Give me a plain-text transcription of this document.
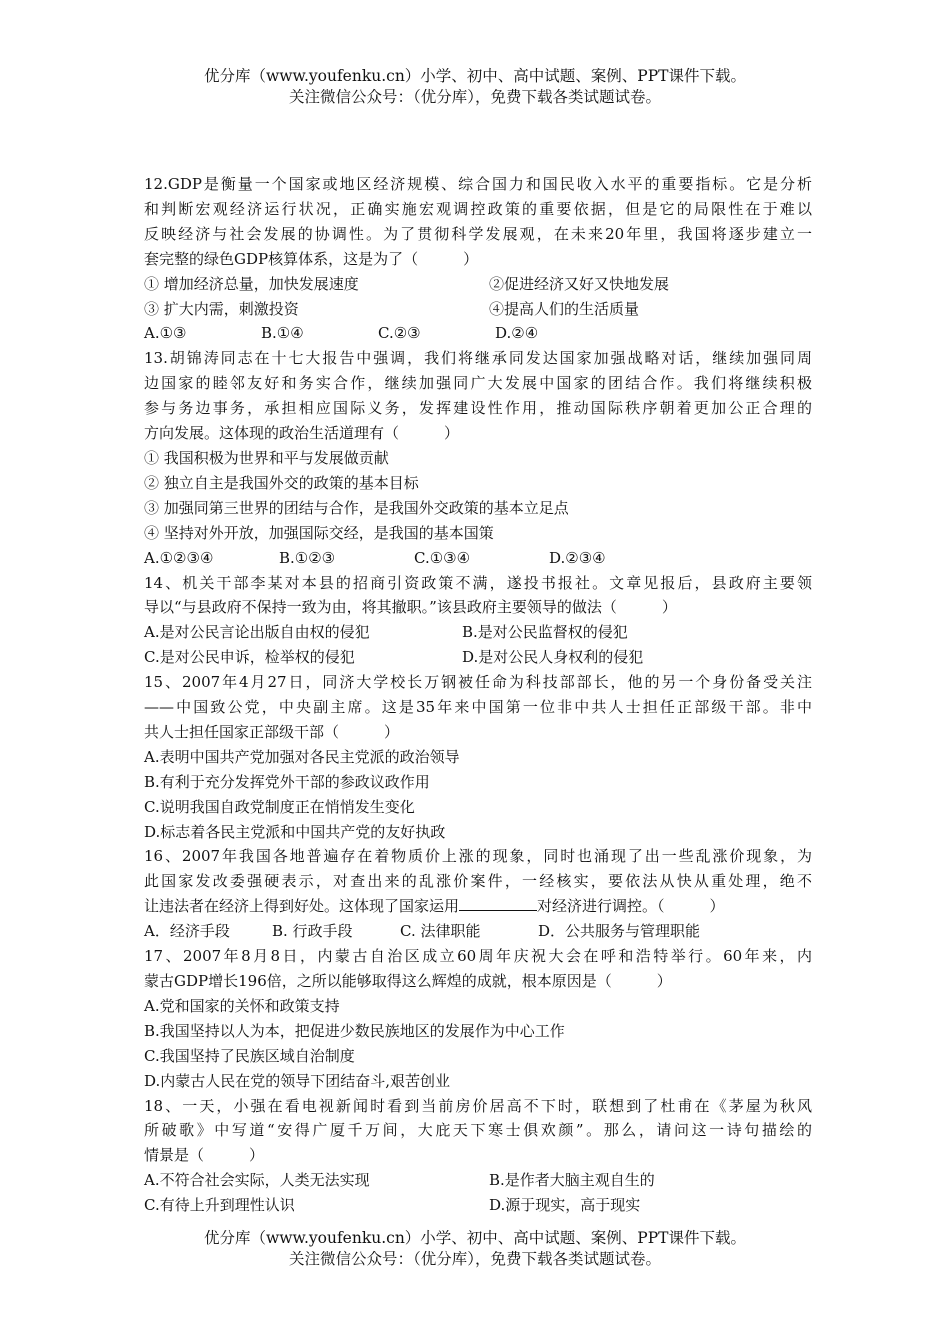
优分库（www.youfenku.cn）小学、初中、高中试题、案例、PPT课件下载。
关注微信公众号：（优分库），免费下载各类试题试卷。
12.GDP是衡量一个国家或地区经济规模、综合国力和国民收入水平的重要指标。它是分析
和判断宏观经济运行状况，正确实施宏观调控政策的重要依据，但是它的局限性在于难以
反映经济与社会发展的协调性。为了贯彻科学发展观，在未来20年里，我国将逐步建立一
套完整的绿色GDP核算体系，这是为了（　　　）
① 增加经济总量，加快发展速度	②促进经济又好又快地发展
③ 扩大内需，刺激投资	④提高人们的生活质量
A.①③	B.①④	C.②③	D.②④
13.胡锦涛同志在十七大报告中强调，我们将继承同发达国家加强战略对话，继续加强同周
边国家的睦邻友好和务实合作，继续加强同广大发展中国家的团结合作。我们将继续积极
参与务边事务，承担相应国际义务，发挥建设性作用，推动国际秩序朝着更加公正合理的
方向发展。这体现的政治生活道理有（　　　）
① 我国积极为世界和平与发展做贡献
② 独立自主是我国外交的政策的基本目标
③ 加强同第三世界的团结与合作，是我国外交政策的基本立足点
④ 坚持对外开放，加强国际交经，是我国的基本国策
A.①②③④	B.①②③	C.①③④	D.②③④
14、机关干部李某对本县的招商引资政策不满，遂投书报社。文章见报后，县政府主要领
导以“与县政府不保持一致为由，将其撤职。”该县政府主要领导的做法（　　　）
A.是对公民言论出版自由权的侵犯	B.是对公民监督权的侵犯
C.是对公民申诉，检举权的侵犯	D.是对公民人身权利的侵犯
15、2007年4月27日，同济大学校长万钢被任命为科技部部长，他的另一个身份备受关注
——中国致公党，中央副主席。这是35年来中国第一位非中共人士担任正部级干部。非中
共人士担任国家正部级干部（　　　）
A.表明中国共产党加强对各民主党派的政治领导
B.有利于充分发挥党外干部的参政议政作用
C.说明我国自政党制度正在悄悄发生变化
D.标志着各民主党派和中国共产党的友好执政
16、2007年我国各地普遍存在着物质价上涨的现象，同时也涌现了出一些乱涨价现象，为
此国家发改委强硬表示，对查出来的乱涨价案件，一经核实，要依法从快从重处理，绝不
让违法者在经济上得到好处。这体现了国家运用	对经济进行调控。（　　　）
A．经济手段	B. 行政手段	C. 法律职能	D．公共服务与管理职能
17、2007年8月8日，内蒙古自治区成立60周年庆祝大会在呼和浩特举行。60年来，内
蒙古GDP增长196倍，之所以能够取得这么辉煌的成就，根本原因是（　　　）
A.党和国家的关怀和政策支持
B.我国坚持以人为本，把促进少数民族地区的发展作为中心工作
C.我国坚持了民族区域自治制度
D.内蒙古人民在党的领导下团结奋斗,艰苦创业
18、一天，小强在看电视新闻时看到当前房价居高不下时，联想到了杜甫在《茅屋为秋风
所破歌》中写道“安得广厦千万间，大庇天下寒士俱欢颜”。那么，请问这一诗句描绘的
情景是（　　　）
A.不符合社会实际，人类无法实现	B.是作者大脑主观自生的
C.有待上升到理性认识	D.源于现实，高于现实
优分库（www.youfenku.cn）小学、初中、高中试题、案例、PPT课件下载。
关注微信公众号：（优分库），免费下载各类试题试卷。
